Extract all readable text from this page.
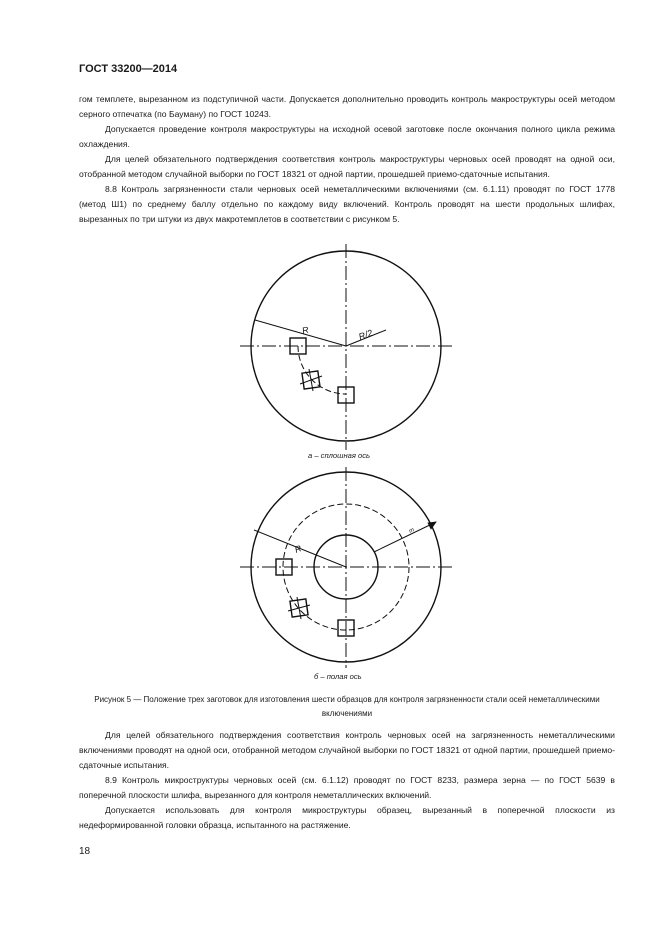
ГОСТ 33200—2014

гом темплете, вырезанном из подступичной части. Допускается дополнительно проводить контроль макроструктуры осей методом серного отпечатка (по Бауману) по ГОСТ 10243.

Допускается проведение контроля макроструктуры на исходной осевой заготовке после окончания полного цикла режима охлаждения.

Для целей обязательного подтверждения соответствия контроль макроструктуры черновых осей проводят на одной оси, отобранной методом случайной выборки по ГОСТ 18321 от одной партии, прошедшей приемо-сдаточные испытания.

8.8 Контроль загрязненности стали черновых осей неметаллическими включениями (см. 6.1.11) проводят по ГОСТ 1778 (метод Ш1) по среднему баллу отдельно по каждому виду включений. Контроль проводят на шести продольных шлифах, вырезанных по три штуки из двух макротемплетов в соответствии с рисунком 5.

R	R/2
R
m
а – сплошная ось
б – полая ось
Рисунок 5 — Положение трех заготовок для изготовления шести образцов для контроля загрязненности стали осей неметаллическими включениями

Для целей обязательного подтверждения соответствия контроль черновых осей на загрязненность неметаллическими включениями проводят на одной оси, отобранной методом случайной выборки по ГОСТ 18321 от одной партии, прошедшей приемо-сдаточные испытания.

8.9 Контроль микроструктуры черновых осей (см. 6.1.12) проводят по ГОСТ 8233, размера зерна — по ГОСТ 5639 в поперечной плоскости шлифа, вырезанного для контроля неметаллических включений.

Допускается использовать для контроля микроструктуры образец, вырезанный в поперечной плоскости из недеформированной головки образца, испытанного на растяжение.

18
